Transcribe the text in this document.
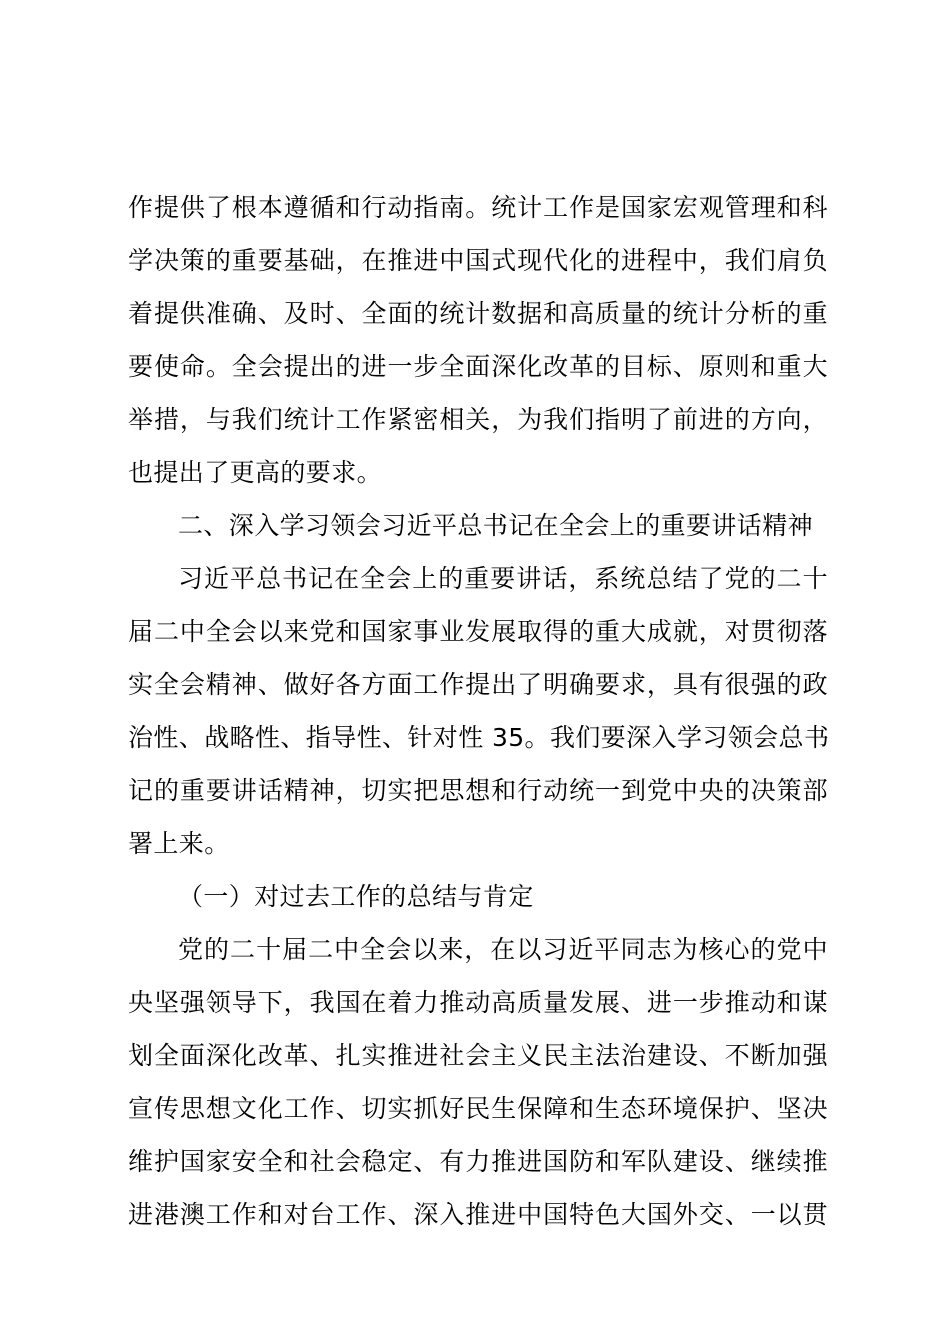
作提供了根本遵循和行动指南。统计工作是国家宏观管理和科
学决策的重要基础，在推进中国式现代化的进程中，我们肩负
着提供准确、及时、全面的统计数据和高质量的统计分析的重
要使命。全会提出的进一步全面深化改革的目标、原则和重大
举措，与我们统计工作紧密相关，为我们指明了前进的方向，
也提出了更高的要求。
二、深入学习领会习近平总书记在全会上的重要讲话精神
习近平总书记在全会上的重要讲话，系统总结了党的二十
届二中全会以来党和国家事业发展取得的重大成就，对贯彻落
实全会精神、做好各方面工作提出了明确要求，具有很强的政
治性、战略性、指导性、针对性 35。我们要深入学习领会总书
记的重要讲话精神，切实把思想和行动统一到党中央的决策部
署上来。
（一）对过去工作的总结与肯定
党的二十届二中全会以来，在以习近平同志为核心的党中
央坚强领导下，我国在着力推动高质量发展、进一步推动和谋
划全面深化改革、扎实推进社会主义民主法治建设、不断加强
宣传思想文化工作、切实抓好民生保障和生态环境保护、坚决
维护国家安全和社会稳定、有力推进国防和军队建设、继续推
进港澳工作和对台工作、深入推进中国特色大国外交、一以贯
